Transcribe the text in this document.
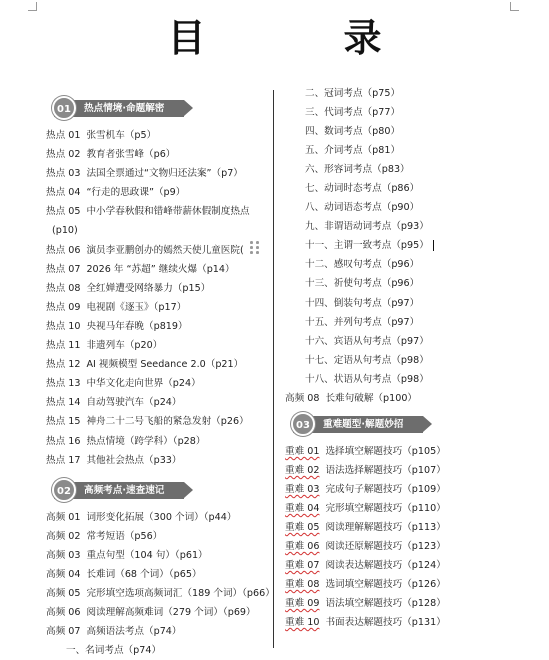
目　录
01	热点情境·命题解密
热点 01 张雪机车（p5）
热点 02 教育者张雪峰（p6）
热点 03 法国全票通过“文物归还法案”（p7）
热点 04 “行走的思政课”（p9）
热点 05 中小学春秋假和错峰带薪休假制度热点
(p10)
热点 06 演员李亚鹏创办的嫣然天使儿童医院(
热点 07 2026 年 “苏超” 继续火爆（p14）
热点 08 全红婵遭受网络暴力（p15）
热点 09 电视剧《逐玉》（p17）
热点 10 央视马年春晚（p819）
热点 11 非遗列车（p20）
热点 12 AI 视频模型 Seedance 2.0（p21）
热点 13 中华文化走向世界（p24）
热点 14 自动驾驶汽车（p24）
热点 15 神舟二十二号飞船的紧急发射（p26）
热点 16 热点情境（跨学科）（p28）
热点 17 其他社会热点（p33）
02	高频考点·速查速记
高频 01 词形变化拓展（300 个词）（p44）
高频 02 常考短语（p56）
高频 03 重点句型（104 句）（p61）
高频 04 长难词（68 个词）（p65）
高频 05 完形填空选项高频词汇（189 个词）（p66）
高频 06 阅读理解高频难词（279 个词）（p69）
高频 07 高频语法考点（p74）
一、名词考点（p74）
二、冠词考点（p75）
三、代词考点（p77）
四、数词考点（p80）
五、介词考点（p81）
六、形容词考点（p83）
七、动词时态考点（p86）
八、动词语态考点（p90）
九、非谓语动词考点（p93）
十一、主谓一致考点（p95）
十二、感叹句考点（p96）
十三、祈使句考点（p96）
十四、倒装句考点（p97）
十五、并列句考点（p97）
十六、宾语从句考点（p97）
十七、定语从句考点（p98）
十八、状语从句考点（p98）
高频 08 长难句破解（p100）
03	重难题型·解题妙招
重难 01 选择填空解题技巧（p105）
重难 02 语法选择解题技巧（p107）
重难 03 完成句子解题技巧（p109）
重难 04 完形填空解题技巧（p110）
重难 05 阅读理解解题技巧（p113）
重难 06 阅读还原解题技巧（p123）
重难 07 阅读表达解题技巧（p124）
重难 08 选词填空解题技巧（p126）
重难 09 语法填空解题技巧（p128）
重难 10 书面表达解题技巧（p131）
